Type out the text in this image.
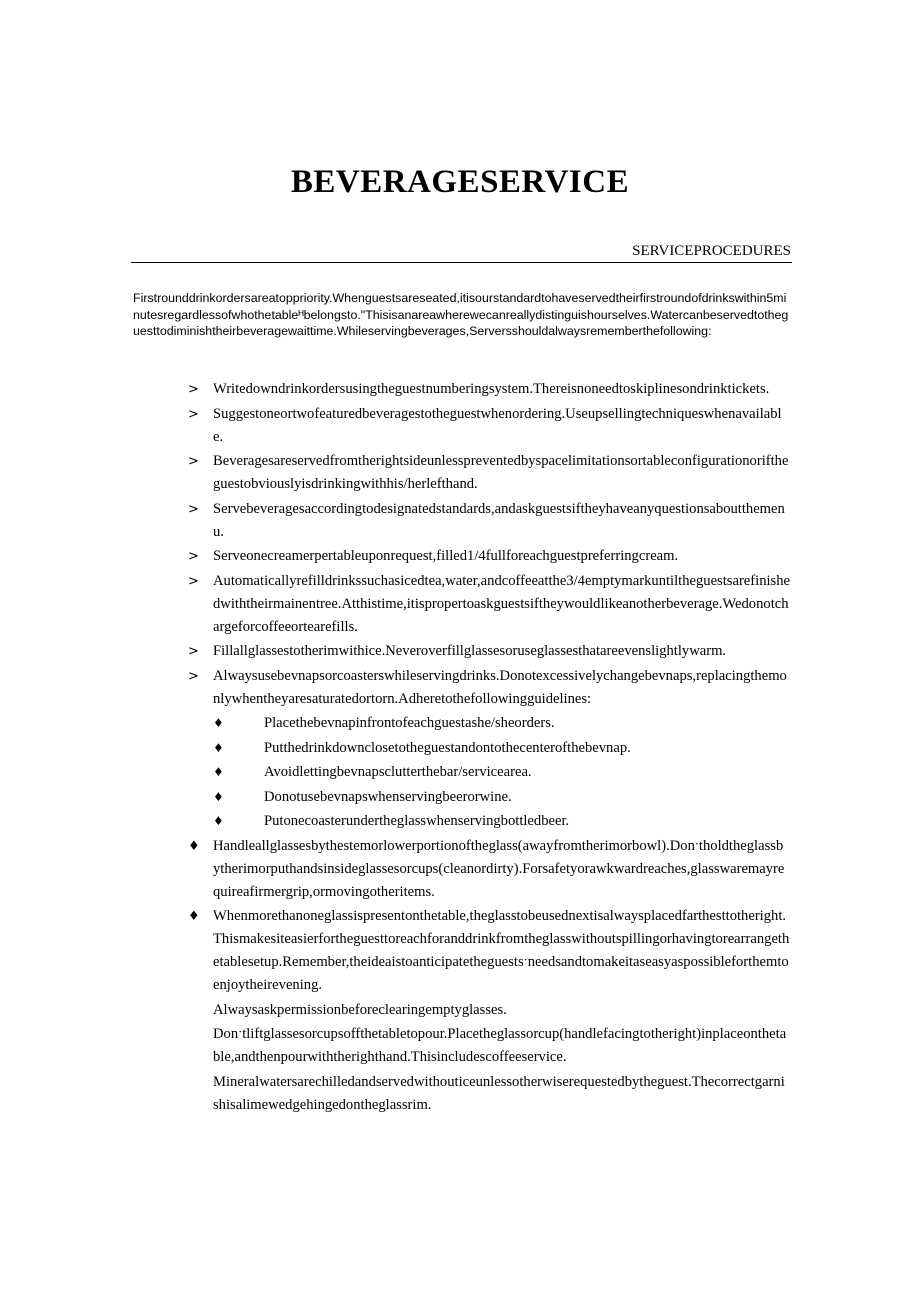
BEVERAGESERVICE
SERVICEPROCEDURES

Firstrounddrinkordersareatoppriority.Whenguestsareseated,itisourstandardtohaveservedtheirfirstroundofdrinkswithin5minutesregardlessofwhothetableᴴbelongsto."Thisisanareawherewecanreallydistinguishourselves.Watercanbeservedtotheguesttodiminishtheirbeveragewaittime.Whileservingbeverages,Serversshouldalwaysrememberthefollowing:

> Writedowndrinkordersusingtheguestnumberingsystem.Thereisnoneedtoskiplinesondrinktickets.
> Suggestoneortwofeaturedbeveragestotheguestwhenordering.Useupsellingtechniqueswhenavailable.
> Beveragesareservedfromtherightsideunlesspreventedbyspacelimitationsortableconfigurationoriftheguestobviouslyisdrinkingwithhis/herlefthand.
> Servebeveragesaccordingtodesignatedstandards,andaskguestsiftheyhaveanyquestionsaboutthemenu.
> Serveonecreamerpertableuponrequest,filled1/4fullforeachguestpreferringcream.
> Automaticallyrefilldrinkssuchasicedtea,water,andcoffeeatthe3/4emptymarkuntiltheguestsarefinishedwiththeirmainentree.Atthistime,itispropertoaskguestsiftheywouldlikeanotherbeverage.Wedonotchargeforcoffeeortearefills.
> Fillallglassestotherimwithice.Neveroverfillglassesoruseglassesthatareevenslightlywarm.
> Alwaysusebevnapsorcoasterswhileservingdrinks.Donotexcessivelychangebevnaps,replacingthemonlywhentheyaresaturatedortorn.Adheretothefollowingguidelines:
♦	Placethebevnapinfrontofeachguestashe/sheorders.
♦	Putthedrinkdownclosetotheguestandontothecenterofthebevnap.
♦	Avoidlettingbevnapsclutterthebar/servicearea.
♦	Donotusebevnapswhenservingbeerorwine.
♦	Putonecoasterundertheglasswhenservingbottledbeer.
♦ Handleallglassesbythestemorlowerportionoftheglass(awayfromtherimorbowl).Donˑtholdtheglassbytherimorputhandsinsideglassesorcups(cleanordirty).Forsafetyorawkwardreaches,glasswaremayrequireafirmergrip,ormovingotheritems.
♦ Whenmorethanoneglassispresentonthetable,theglasstobeusednextisalwaysplacedfarthesttotheright.Thismakesiteasierfortheguesttoreachforanddrinkfromtheglasswithoutspillingorhavingtorearrangethetablesetup.Remember,theideaistoanticipatetheguestsˑneedsandtomakeitaseasyaspossibleforthemtoenjoytheirevening.
Alwaysaskpermissionbeforeclearingemptyglasses.
Donˑtliftglassesorcupsoffthetabletopour.Placetheglassorcup(handlefacingtotheright)inplaceonthetable,andthenpourwiththerighthand.Thisincludescoffeeservice.
Mineralwatersarechilledandservedwithouticeunlessotherwiserequestedbytheguest.Thecorrectgarnishisalimewedgehingedontheglassrim.
